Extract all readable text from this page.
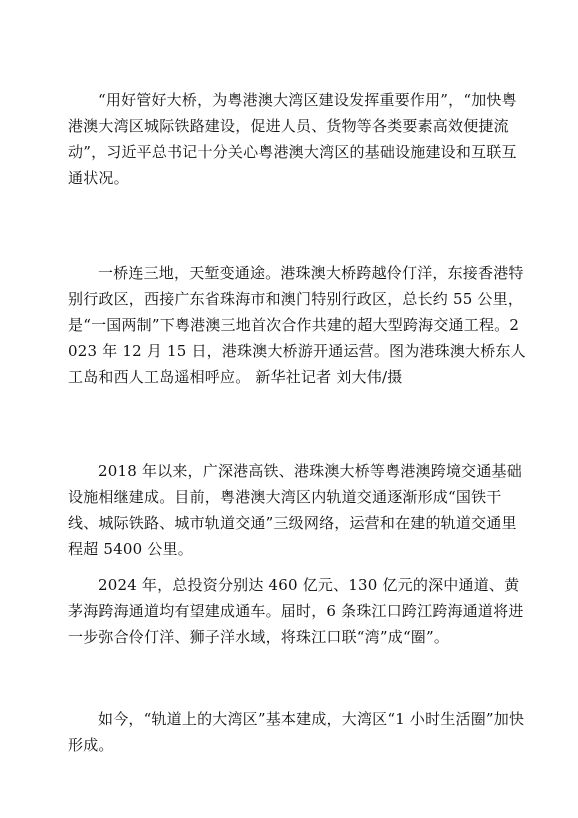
“用好管好大桥，为粤港澳大湾区建设发挥重要作用”，“加快粤港澳大湾区城际铁路建设，促进人员、货物等各类要素高效便捷流动”，习近平总书记十分关心粤港澳大湾区的基础设施建设和互联互通状况。

一桥连三地，天堑变通途。港珠澳大桥跨越伶仃洋，东接香港特别行政区，西接广东省珠海市和澳门特别行政区，总长约 55 公里，是“一国两制”下粤港澳三地首次合作共建的超大型跨海交通工程。2023 年 12 月 15 日，港珠澳大桥游开通运营。图为港珠澳大桥东人工岛和西人工岛遥相呼应。 新华社记者 刘大伟/摄

2018 年以来，广深港高铁、港珠澳大桥等粤港澳跨境交通基础设施相继建成。目前，粤港澳大湾区内轨道交通逐渐形成“国铁干线、城际铁路、城市轨道交通”三级网络，运营和在建的轨道交通里程超 5400 公里。

2024 年，总投资分别达 460 亿元、130 亿元的深中通道、黄茅海跨海通道均有望建成通车。届时，6 条珠江口跨江跨海通道将进一步弥合伶仃洋、狮子洋水域，将珠江口联“湾”成“圈”。

如今，“轨道上的大湾区”基本建成，大湾区“1 小时生活圈”加快形成。
